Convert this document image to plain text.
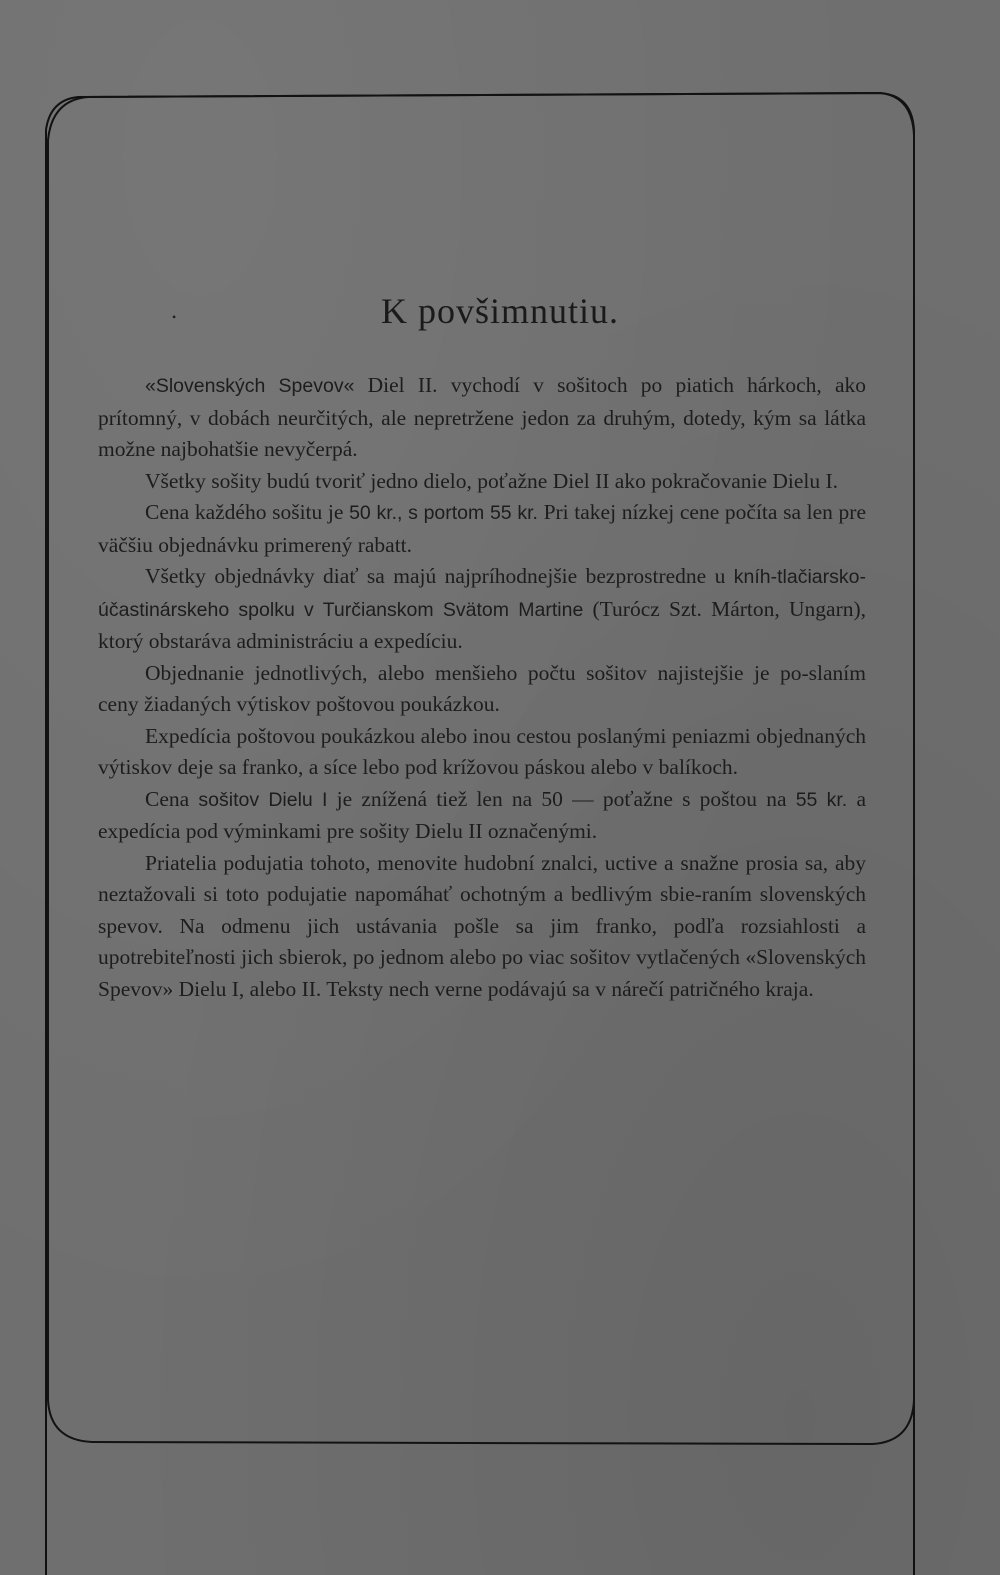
•	K povšimnutiu.

«Slovenských Spevov« Diel II. vychodí v sošitoch po piatich hárkoch, ako prítomný, v dobách neurčitých, ale nepretržene jedon za druhým, dotedy, kým sa látka možne najbohatšie nevyčerpá.

Všetky sošity budú tvoriť jedno dielo, poťažne Diel II ako pokračovanie Dielu I.

Cena každého sošitu je 50 kr., s portom 55 kr. Pri takej nízkej cene počíta sa len pre väčšiu objednávku primerený rabatt.

Všetky objednávky diať sa majú najpríhodnejšie bezprostredne u kníh-tlačiarsko-účastinárskeho spolku v Turčianskom Svätom Martine (Turócz Szt. Márton, Ungarn), ktorý obstaráva administráciu a expedíciu.

Objednanie jednotlivých, alebo menšieho počtu sošitov najistejšie je po-slaním ceny žiadaných výtiskov poštovou poukázkou.

Expedícia poštovou poukázkou alebo inou cestou poslanými peniazmi objednaných výtiskov deje sa franko, a síce lebo pod krížovou páskou alebo v balíkoch.

Cena sošitov Dielu I je znížená tiež len na 50 — poťažne s poštou na 55 kr. a expedícia pod výminkami pre sošity Dielu II označenými.

Priatelia podujatia tohoto, menovite hudobní znalci, uctive a snažne prosia sa, aby neztažovali si toto podujatie napomáhať ochotným a bedlivým sbie-raním slovenských spevov. Na odmenu jich ustávania pošle sa jim franko, podľa rozsiahlosti a upotrebiteľnosti jich sbierok, po jednom alebo po viac sošitov vytlačených «Slovenských Spevov» Dielu I, alebo II. Teksty nech verne podávajú sa v nárečí patričného kraja.
